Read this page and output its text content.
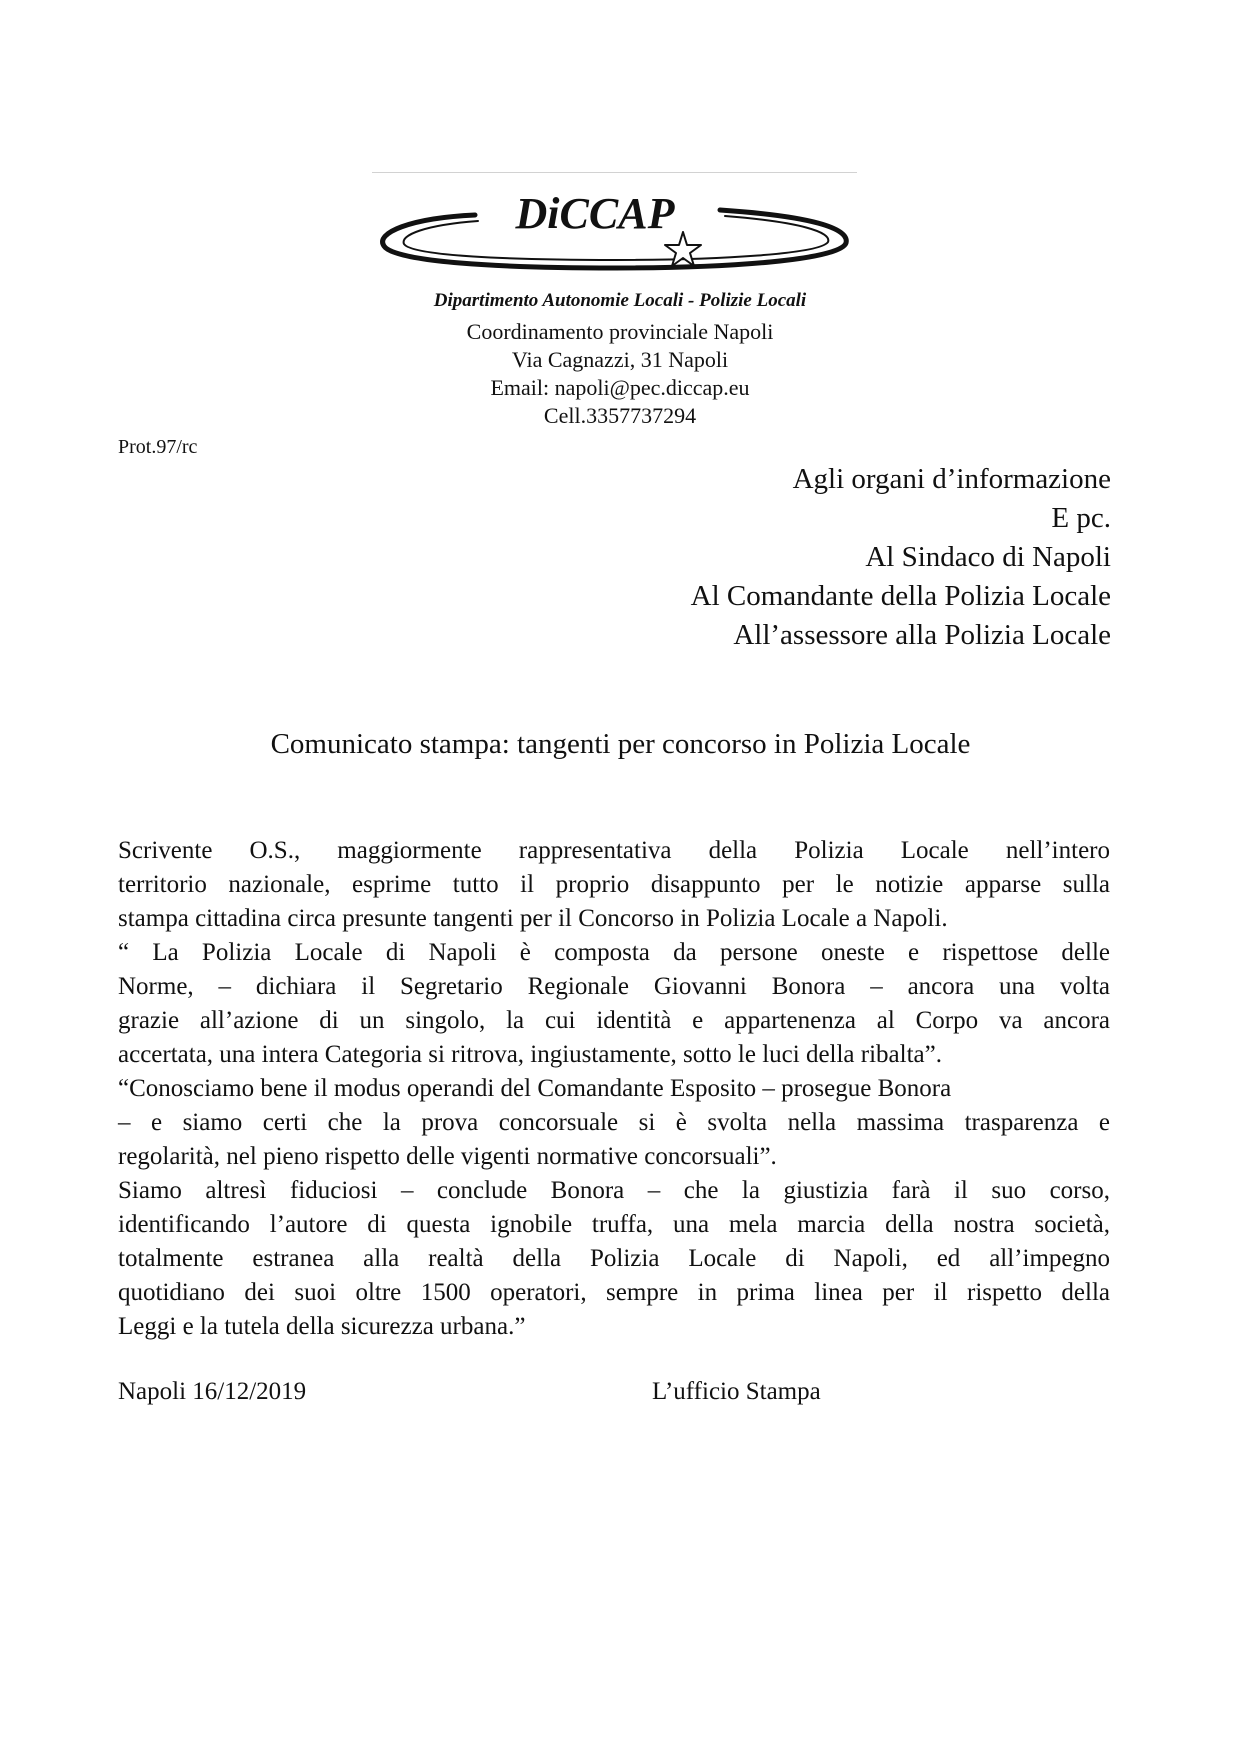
DiCCAP
Dipartimento Autonomie Locali - Polizie Locali
Coordinamento provinciale Napoli
Via Cagnazzi, 31 Napoli
Email: napoli@pec.diccap.eu
Cell.3357737294
Prot.97/rc
Agli organi d’informazione
E pc.
Al Sindaco di Napoli
Al Comandante della Polizia Locale
All’assessore alla Polizia Locale
Comunicato stampa: tangenti per concorso in Polizia Locale
Scrivente O.S., maggiormente rappresentativa della Polizia Locale nell’intero
territorio nazionale, esprime tutto il proprio disappunto per le notizie apparse sulla
stampa cittadina circa presunte tangenti per il Concorso in Polizia Locale a Napoli.
“ La Polizia Locale di Napoli è composta da persone oneste e rispettose delle
Norme, – dichiara il Segretario Regionale Giovanni Bonora – ancora una volta
grazie all’azione di un singolo, la cui identità e appartenenza al Corpo va ancora
accertata, una intera Categoria si ritrova, ingiustamente, sotto le luci della ribalta”.
“Conosciamo bene il modus operandi del Comandante Esposito – prosegue Bonora
– e siamo certi che la prova concorsuale si è svolta nella massima trasparenza e
regolarità, nel pieno rispetto delle vigenti normative concorsuali”.
Siamo altresì fiduciosi – conclude Bonora – che la giustizia farà il suo corso,
identificando l’autore di questa ignobile truffa, una mela marcia della nostra società,
totalmente estranea alla realtà della Polizia Locale di Napoli, ed all’impegno
quotidiano dei suoi oltre 1500 operatori, sempre in prima linea per il rispetto della
Leggi e la tutela della sicurezza urbana.”
Napoli 16/12/2019	L’ufficio Stampa
